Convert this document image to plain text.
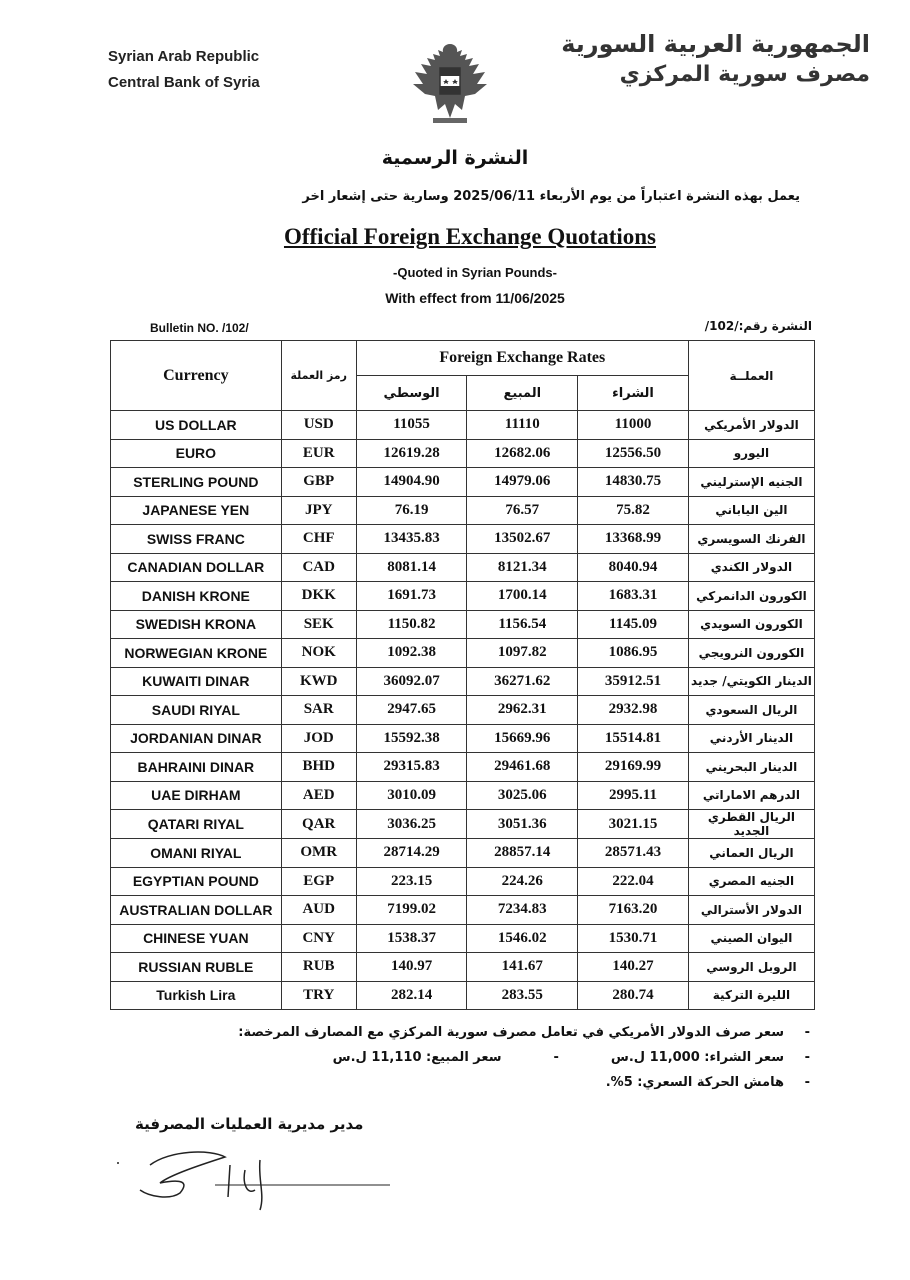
Syrian Arab Republic
Central Bank of Syria
الجمهورية العربية السورية
مصرف سورية المركزي
النشرة الرسمية
يعمل بهذه النشرة اعتباراً من يوم الأربعاء 2025/06/11 وسارية حتى إشعار اخر
Official Foreign Exchange Quotations
-Quoted in Syrian Pounds-
With effect from 11/06/2025
Bulletin NO. /102/	النشرة رقم:/102/
Currency	رمز العملة	Foreign Exchange Rates			العملــة
		الوسطي	المبيع	الشراء	
US DOLLAR	USD	11055	11110	11000	الدولار الأمريكي
EURO	EUR	12619.28	12682.06	12556.50	اليورو
STERLING POUND	GBP	14904.90	14979.06	14830.75	الجنيه الإسترليني
JAPANESE YEN	JPY	76.19	76.57	75.82	الين الياباني
SWISS FRANC	CHF	13435.83	13502.67	13368.99	الفرنك السويسري
CANADIAN DOLLAR	CAD	8081.14	8121.34	8040.94	الدولار الكندي
DANISH KRONE	DKK	1691.73	1700.14	1683.31	الكورون الدانمركي
SWEDISH KRONA	SEK	1150.82	1156.54	1145.09	الكورون السويدي
NORWEGIAN KRONE	NOK	1092.38	1097.82	1086.95	الكورون النرويجي
KUWAITI DINAR	KWD	36092.07	36271.62	35912.51	الدينار الكويتي/ جديد
SAUDI RIYAL	SAR	2947.65	2962.31	2932.98	الريال السعودي
JORDANIAN DINAR	JOD	15592.38	15669.96	15514.81	الدينار الأردني
BAHRAINI DINAR	BHD	29315.83	29461.68	29169.99	الدينار البحريني
UAE DIRHAM	AED	3010.09	3025.06	2995.11	الدرهم الاماراتي
QATARI RIYAL	QAR	3036.25	3051.36	3021.15	الريال القطري الجديد
OMANI RIYAL	OMR	28714.29	28857.14	28571.43	الريال العماني
EGYPTIAN POUND	EGP	223.15	224.26	222.04	الجنيه المصري
AUSTRALIAN DOLLAR	AUD	7199.02	7234.83	7163.20	الدولار الأسترالي
CHINESE YUAN	CNY	1538.37	1546.02	1530.71	اليوان الصيني
RUSSIAN RUBLE	RUB	140.97	141.67	140.27	الروبل الروسي
Turkish Lira	TRY	282.14	283.55	280.74	الليرة التركية
-
سعر صرف الدولار الأمريكي في تعامل مصرف سورية المركزي مع المصارف المرخصة:
-
سعر الشراء: 11,000 ل.س
-
سعر المبيع: 11,110 ل.س
-
هامش الحركة السعري: 5%.
مدير مديرية العمليات المصرفية
